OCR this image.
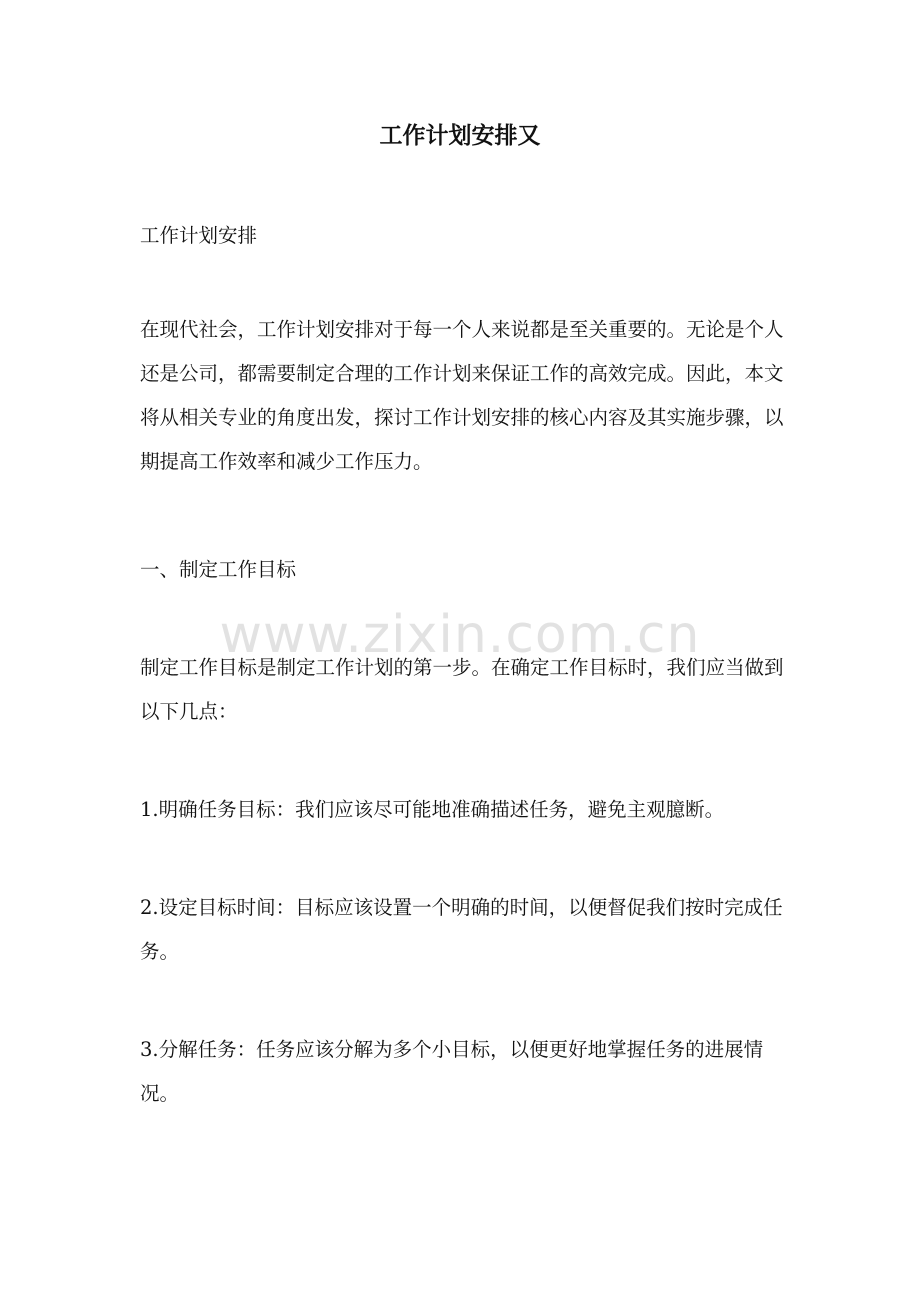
工作计划安排又

工作计划安排

在现代社会，工作计划安排对于每一个人来说都是至关重要的。无论是个人还是公司，都需要制定合理的工作计划来保证工作的高效完成。因此，本文将从相关专业的角度出发，探讨工作计划安排的核心内容及其实施步骤，以期提高工作效率和减少工作压力。

一、制定工作目标

制定工作目标是制定工作计划的第一步。在确定工作目标时，我们应当做到以下几点：

1.明确任务目标：我们应该尽可能地准确描述任务，避免主观臆断。

2.设定目标时间：目标应该设置一个明确的时间，以便督促我们按时完成任务。

3.分解任务：任务应该分解为多个小目标，以便更好地掌握任务的进展情况。

www.zixin.com.cn
